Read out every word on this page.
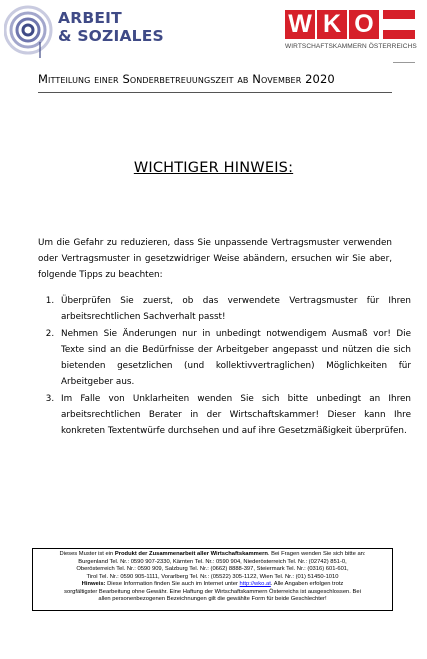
ARBEIT
& SOZIALES	W K O
WIRTSCHAFTSKAMMERN ÖSTERREICHS
Mitteilung einer Sonderbetreuungszeit ab November 2020
WICHTIGER HINWEIS:
Um die Gefahr zu reduzieren, dass Sie unpassende Vertragsmuster verwenden oder Vertragsmuster in gesetzwidriger Weise abändern, ersuchen wir Sie aber, folgende Tipps zu beachten:
1. Überprüfen Sie zuerst, ob das verwendete Vertragsmuster für Ihren arbeitsrechtlichen Sachverhalt passt!
2. Nehmen Sie Änderungen nur in unbedingt notwendigem Ausmaß vor! Die Texte sind an die Bedürfnisse der Arbeitgeber angepasst und nützen die sich bietenden gesetzlichen (und kollektivvertraglichen) Möglichkeiten für Arbeitgeber aus.
3. Im Falle von Unklarheiten wenden Sie sich bitte unbedingt an Ihren arbeitsrechtlichen Berater in der Wirtschaftskammer! Dieser kann Ihre konkreten Textentwürfe durchsehen und auf ihre Gesetzmäßigkeit überprüfen.
Dieses Muster ist ein Produkt der Zusammenarbeit aller Wirtschaftskammern. Bei Fragen wenden Sie sich bitte an:
Burgenland Tel. Nr.: 0590 907-2330, Kärnten Tel. Nr.: 0590 904, Niederösterreich Tel. Nr.: (02742) 851-0,
Oberösterreich Tel. Nr.: 0590 909, Salzburg Tel. Nr.: (0662) 8888-397, Steiermark Tel. Nr.: (0316) 601-601,
Tirol Tel. Nr.: 0590 905-1111, Vorarlberg Tel. Nr.: (05522) 305-1122, Wien Tel. Nr.: (01) 51450-1010
Hinweis: Diese Information finden Sie auch im Internet unter http://wko.at. Alle Angaben erfolgen trotz
sorgfältigster Bearbeitung ohne Gewähr. Eine Haftung der Wirtschaftskammern Österreichs ist ausgeschlossen. Bei
allen personenbezogenen Bezeichnungen gilt die gewählte Form für beide Geschlechter!
